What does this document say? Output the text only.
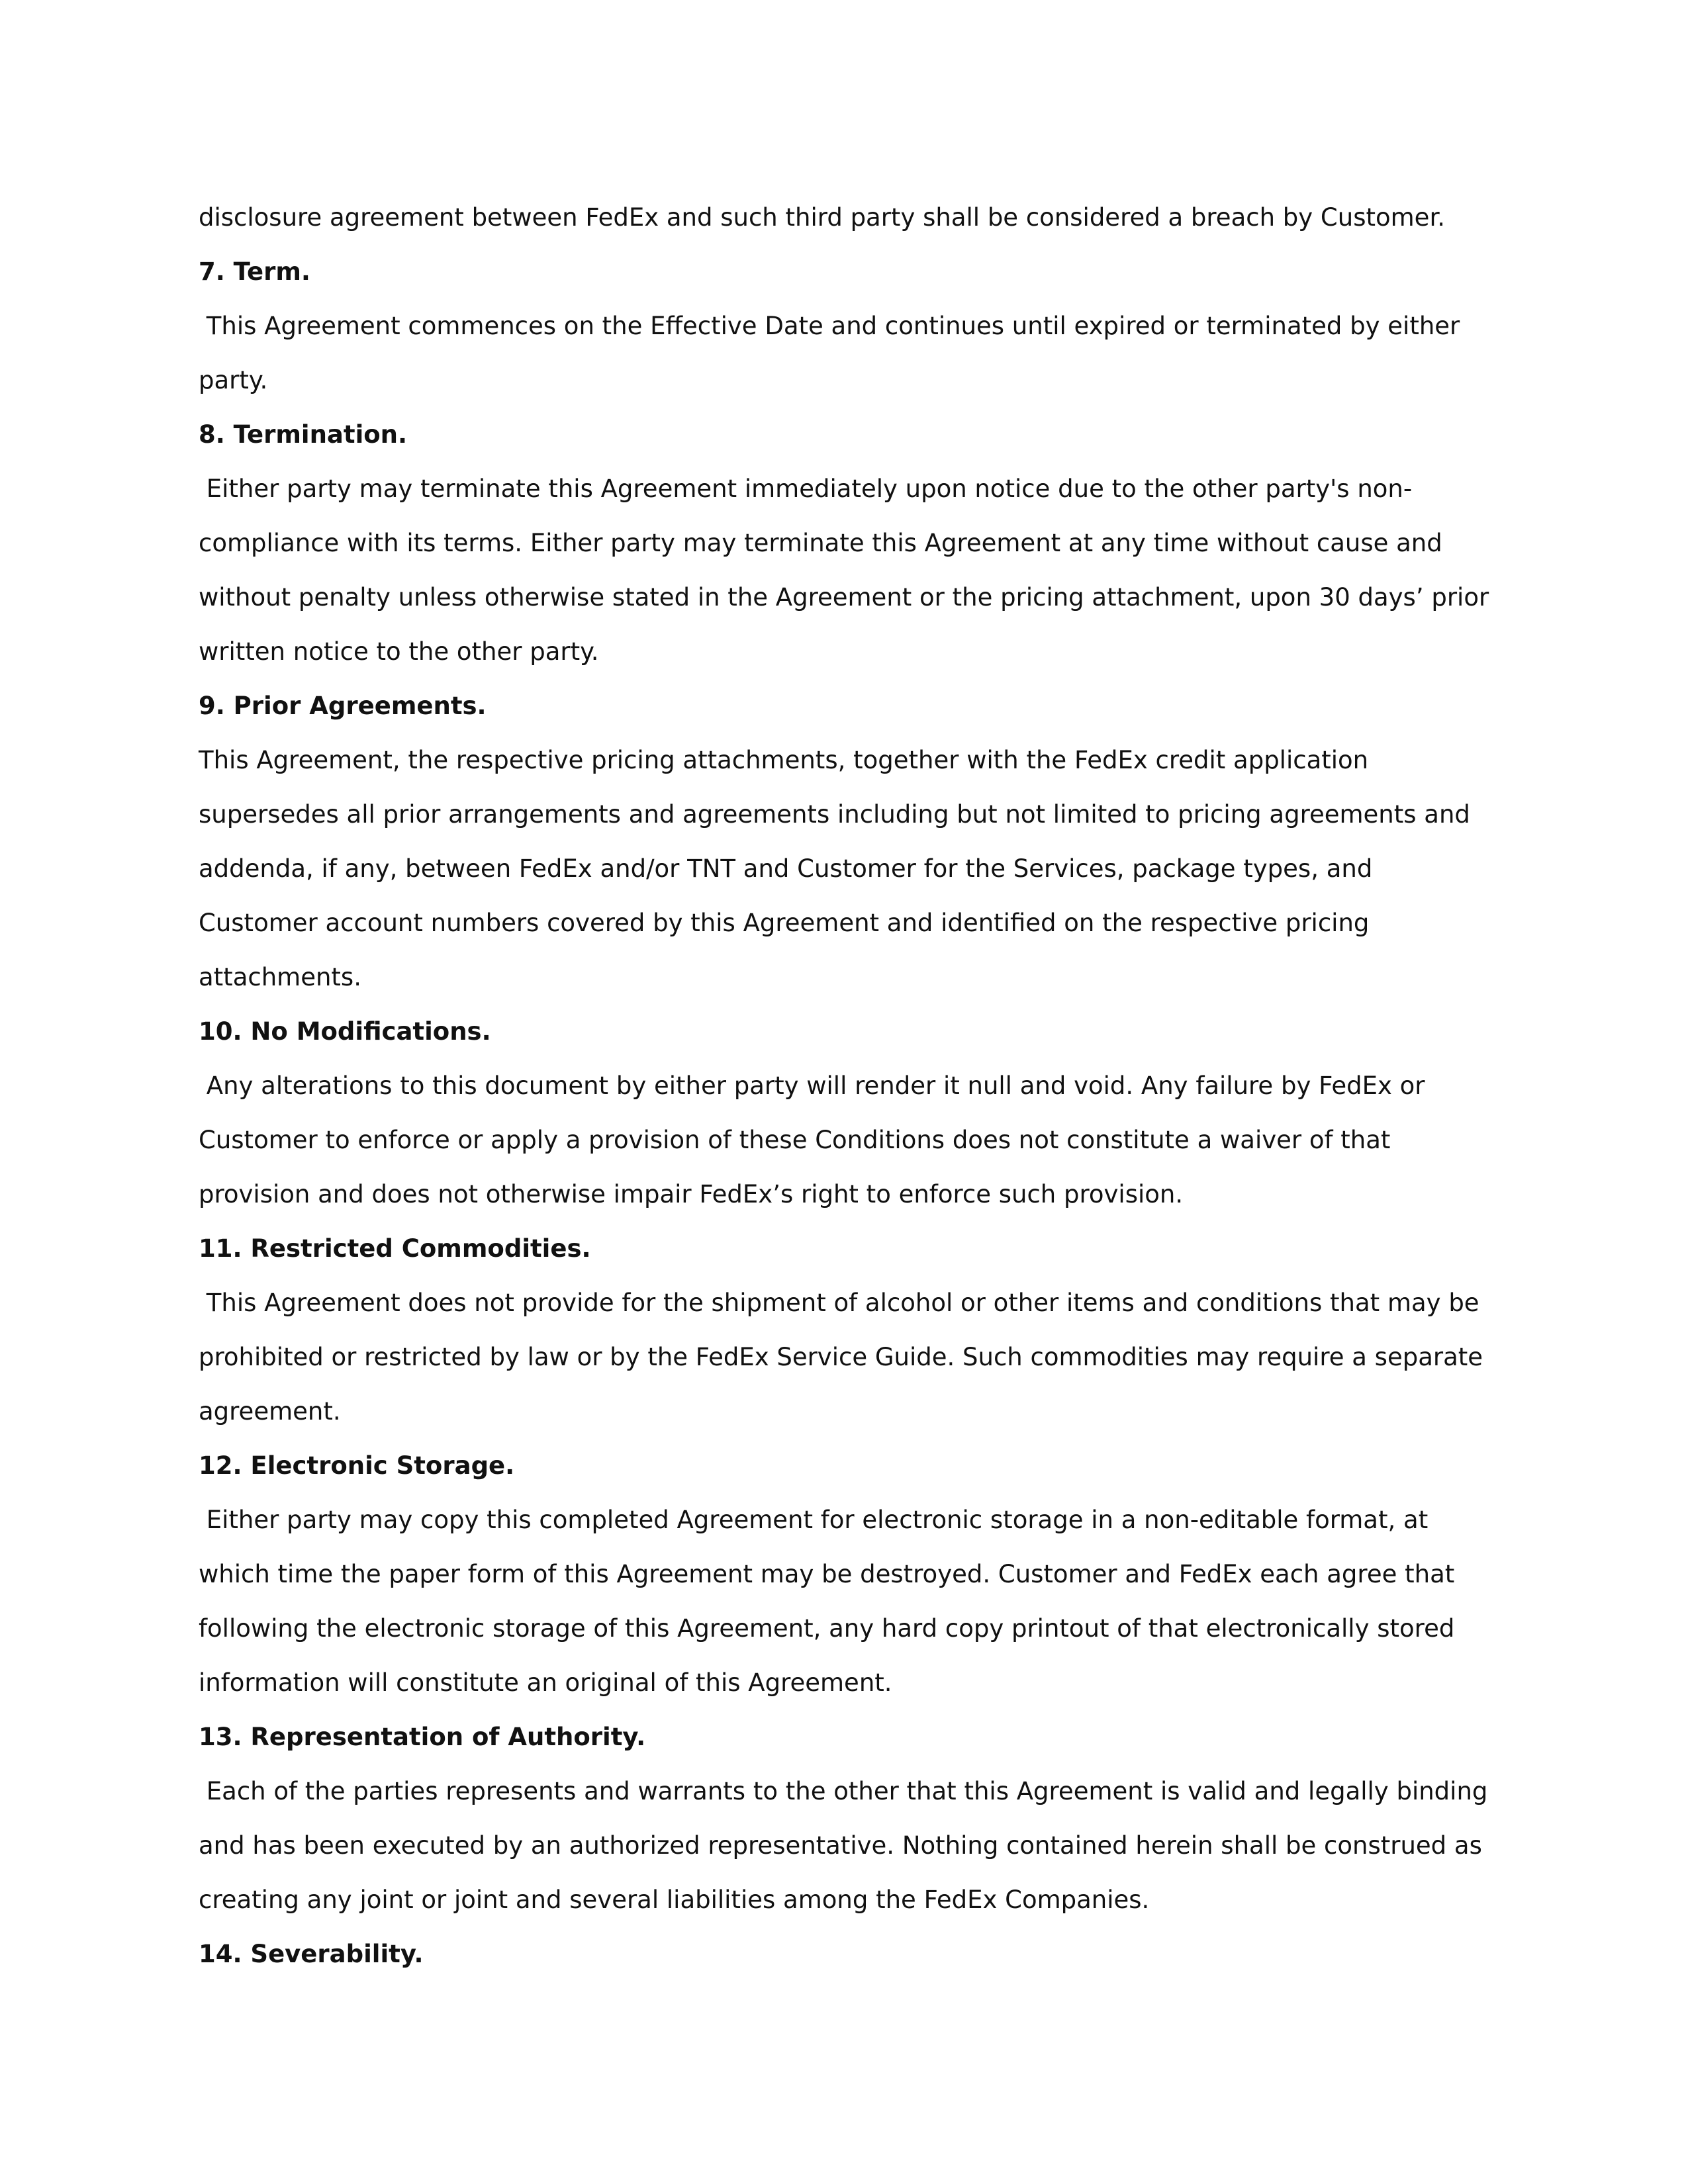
disclosure agreement between FedEx and such third party shall be considered a breach by Customer.

7. Term.

This Agreement commences on the Effective Date and continues until expired or terminated by either party.

8. Termination.

Either party may terminate this Agreement immediately upon notice due to the other party's non-compliance with its terms. Either party may terminate this Agreement at any time without cause and without penalty unless otherwise stated in the Agreement or the pricing attachment, upon 30 days’ prior written notice to the other party.

9. Prior Agreements.

This Agreement, the respective pricing attachments, together with the FedEx credit application supersedes all prior arrangements and agreements including but not limited to pricing agreements and addenda, if any, between FedEx and/or TNT and Customer for the Services, package types, and Customer account numbers covered by this Agreement and identified on the respective pricing attachments.

10. No Modifications.

Any alterations to this document by either party will render it null and void. Any failure by FedEx or Customer to enforce or apply a provision of these Conditions does not constitute a waiver of that provision and does not otherwise impair FedEx’s right to enforce such provision.

11. Restricted Commodities.

This Agreement does not provide for the shipment of alcohol or other items and conditions that may be prohibited or restricted by law or by the FedEx Service Guide. Such commodities may require a separate agreement.

12. Electronic Storage.

Either party may copy this completed Agreement for electronic storage in a non-editable format, at which time the paper form of this Agreement may be destroyed. Customer and FedEx each agree that following the electronic storage of this Agreement, any hard copy printout of that electronically stored information will constitute an original of this Agreement.

13. Representation of Authority.

Each of the parties represents and warrants to the other that this Agreement is valid and legally binding and has been executed by an authorized representative. Nothing contained herein shall be construed as creating any joint or joint and several liabilities among the FedEx Companies.

14. Severability.
